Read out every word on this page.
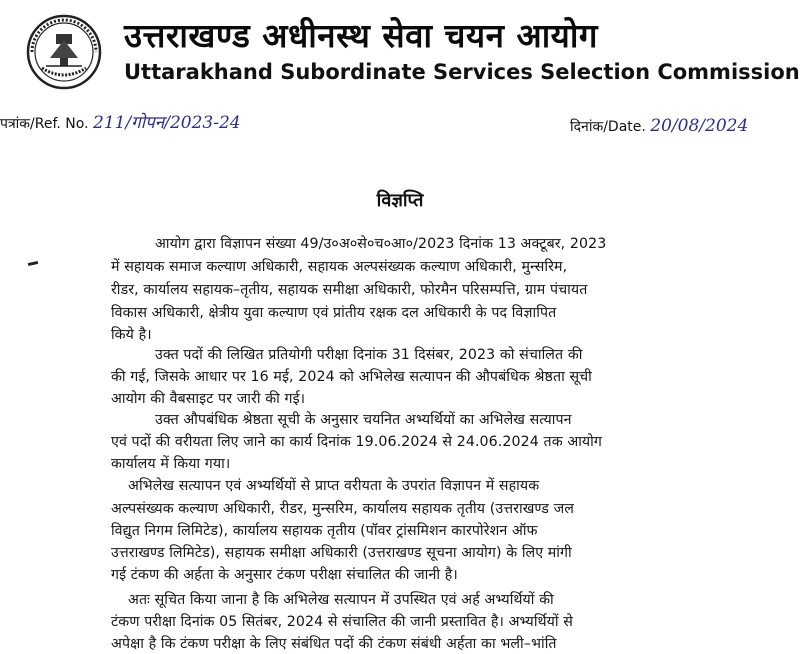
उत्तराखण्ड अधीनस्थ सेवा चयन आयोग
Uttarakhand Subordinate Services Selection Commission
पत्रांक/Ref. No. 211/गोपन/2023-24	दिनांक/Date. 20/08/2024
विज्ञप्ति
आयोग द्वारा विज्ञापन संख्या 49/उ०अ०से०च०आ०/2023 दिनांक 13 अक्टूबर, 2023
में सहायक समाज कल्याण अधिकारी, सहायक अल्पसंख्यक कल्याण अधिकारी, मुन्सरिम,
रीडर, कार्यालय सहायक–तृतीय, सहायक समीक्षा अधिकारी, फोरमैन परिसम्पत्ति, ग्राम पंचायत
विकास अधिकारी, क्षेत्रीय युवा कल्याण एवं प्रांतीय रक्षक दल अधिकारी के पद विज्ञापित
किये है।
उक्त पदों की लिखित प्रतियोगी परीक्षा दिनांक 31 दिसंबर, 2023 को संचालित की
की गई, जिसके आधार पर 16 मई, 2024 को अभिलेख सत्यापन की औपबंधिक श्रेष्ठता सूची
आयोग की वैबसाइट पर जारी की गई।
उक्त औपबंधिक श्रेष्ठता सूची के अनुसार चयनित अभ्यर्थियों का अभिलेख सत्यापन
एवं पदों की वरीयता लिए जाने का कार्य दिनांक 19.06.2024 से 24.06.2024 तक आयोग
कार्यालय में किया गया।
अभिलेख सत्यापन एवं अभ्यर्थियों से प्राप्त वरीयता के उपरांत विज्ञापन में सहायक
अल्पसंख्यक कल्याण अधिकारी, रीडर, मुन्सरिम, कार्यालय सहायक तृतीय (उत्तराखण्ड जल
विद्युत निगम लिमिटेड), कार्यालय सहायक तृतीय (पॉवर ट्रांसमिशन कारपोरेशन ऑफ
उत्तराखण्ड लिमिटेड), सहायक समीक्षा अधिकारी (उत्तराखण्ड सूचना आयोग) के लिए मांगी
गई टंकण की अर्हता के अनुसार टंकण परीक्षा संचालित की जानी है।
अतः सूचित किया जाना है कि अभिलेख सत्यापन में उपस्थित एवं अर्ह अभ्यर्थियों की
टंकण परीक्षा दिनांक 05 सितंबर, 2024 से संचालित की जानी प्रस्तावित है। अभ्यर्थियों से
अपेक्षा है कि टंकण परीक्षा के लिए संबंधित पदों की टंकण संबंधी अर्हता का भली–भांति
